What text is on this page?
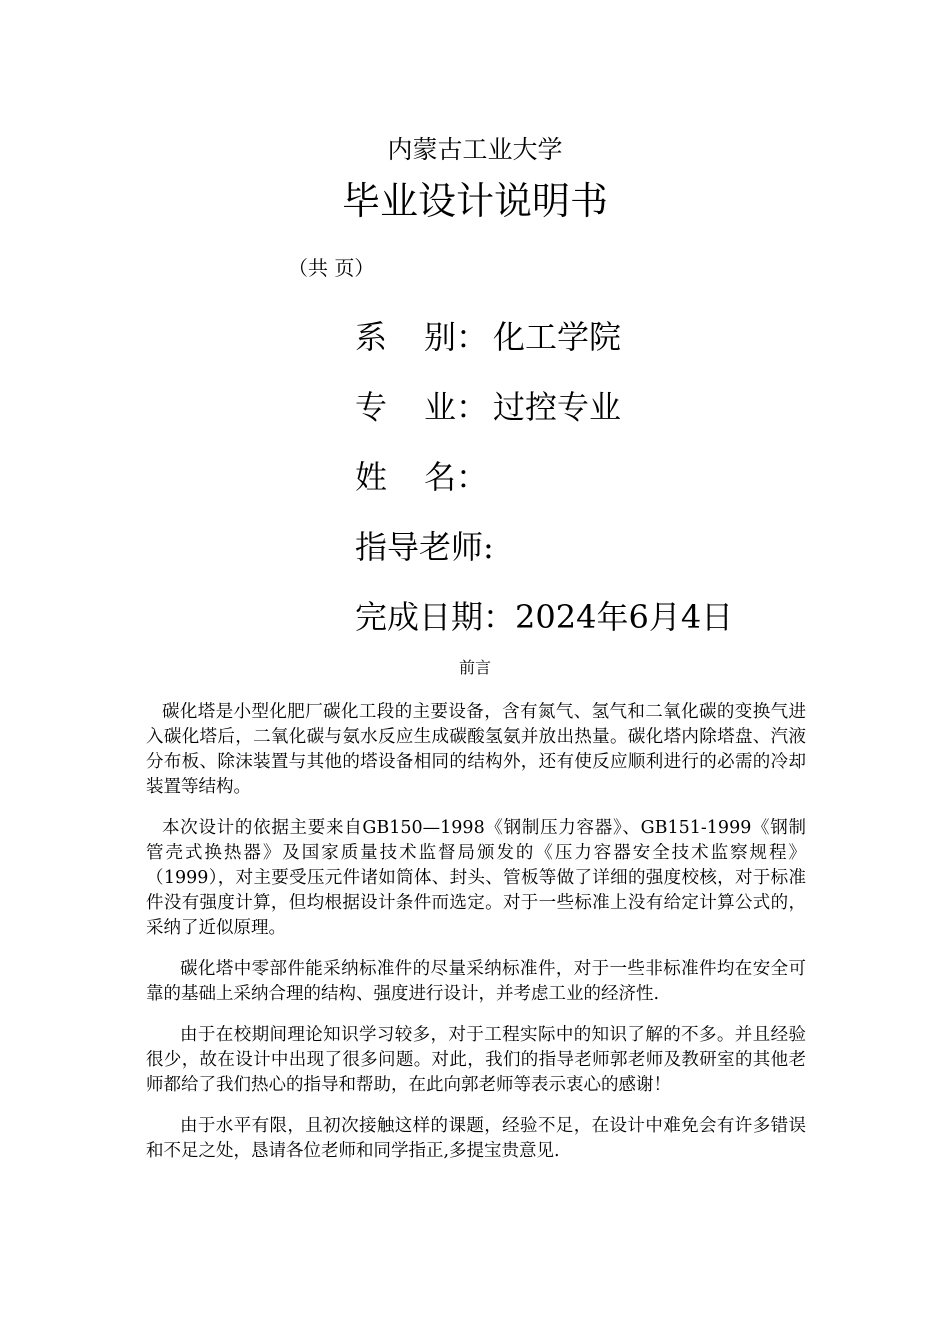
内蒙古工业大学
毕业设计说明书
（共 页）
系 别： 化工学院
专 业： 过控专业
姓 名：
指导老师:
完成日期：2024年6月4日
前言

碳化塔是小型化肥厂碳化工段的主要设备，含有氮气、氢气和二氧化碳的变换气进入碳化塔后，二氧化碳与氨水反应生成碳酸氢氨并放出热量。碳化塔内除塔盘、汽液分布板、除沫装置与其他的塔设备相同的结构外，还有使反应顺利进行的必需的冷却装置等结构。

本次设计的依据主要来自GB150—1998《钢制压力容器》、GB151-1999《钢制管壳式换热器》及国家质量技术监督局颁发的《压力容器安全技术监察规程》（1999），对主要受压元件诸如筒体、封头、管板等做了详细的强度校核，对于标准件没有强度计算，但均根据设计条件而选定。对于一些标准上没有给定计算公式的，采纳了近似原理。

碳化塔中零部件能采纳标准件的尽量采纳标准件，对于一些非标准件均在安全可靠的基础上采纳合理的结构、强度进行设计，并考虑工业的经济性.

由于在校期间理论知识学习较多，对于工程实际中的知识了解的不多。并且经验很少，故在设计中出现了很多问题。对此，我们的指导老师郭老师及教研室的其他老师都给了我们热心的指导和帮助，在此向郭老师等表示衷心的感谢！

由于水平有限，且初次接触这样的课题，经验不足，在设计中难免会有许多错误和不足之处，恳请各位老师和同学指正,多提宝贵意见.
